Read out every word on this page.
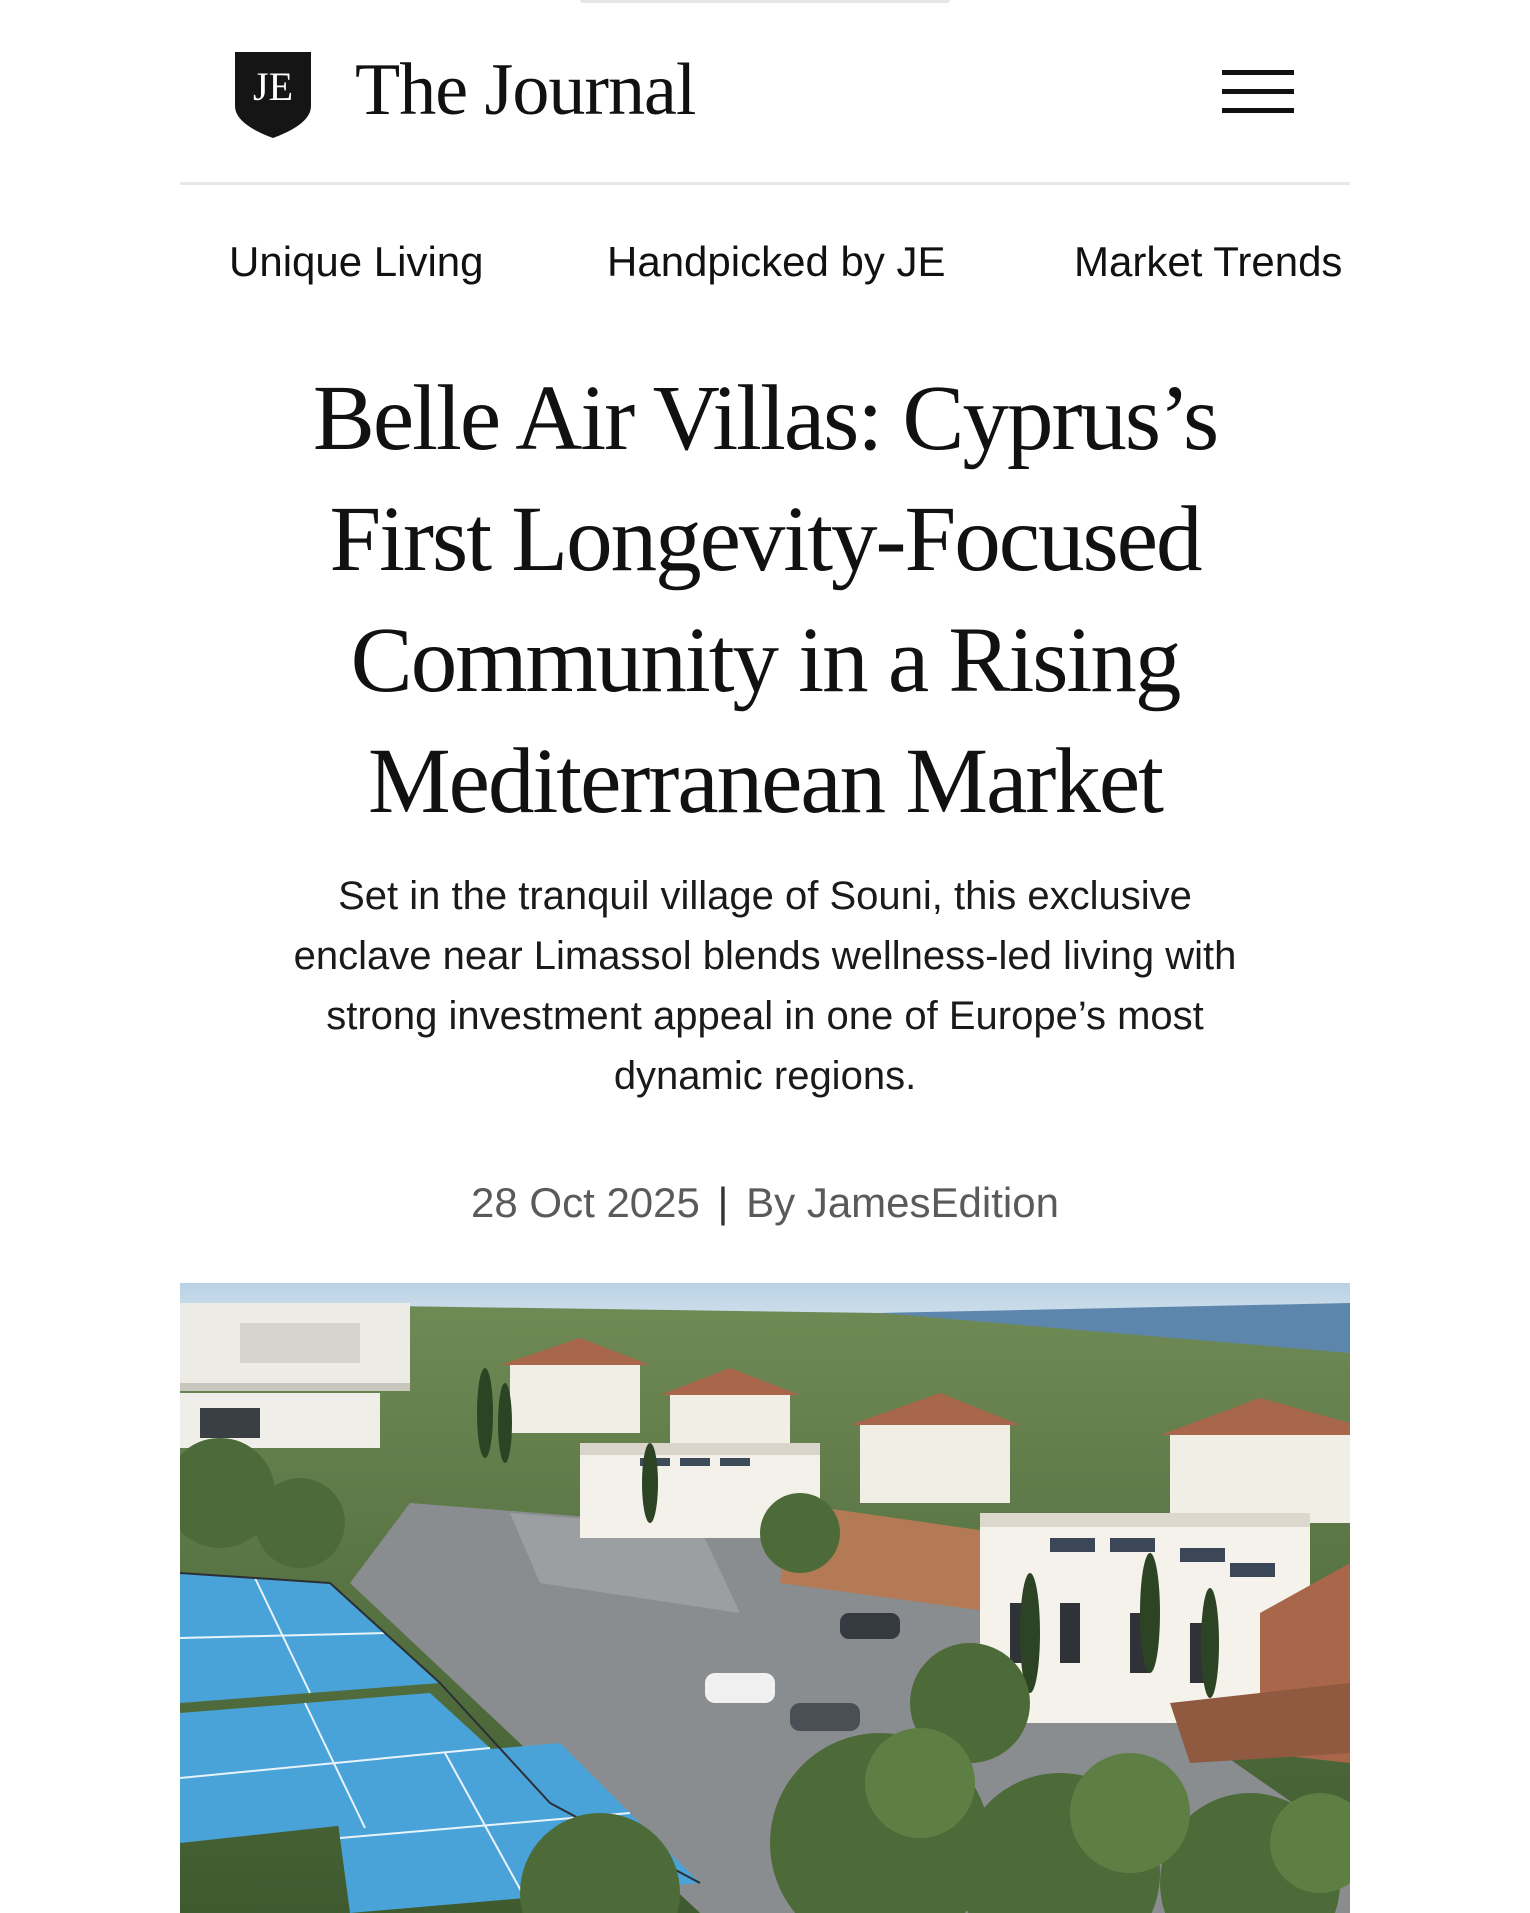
JE The Journal
Unique Living	Handpicked by JE	Market Trends
Belle Air Villas: Cyprus’s First Longevity-Focused Community in a Rising Mediterranean Market

Set in the tranquil village of Souni, this exclusive enclave near Limassol blends wellness-led living with strong investment appeal in one of Europe’s most dynamic regions.

28 Oct 2025 | By JamesEdition
